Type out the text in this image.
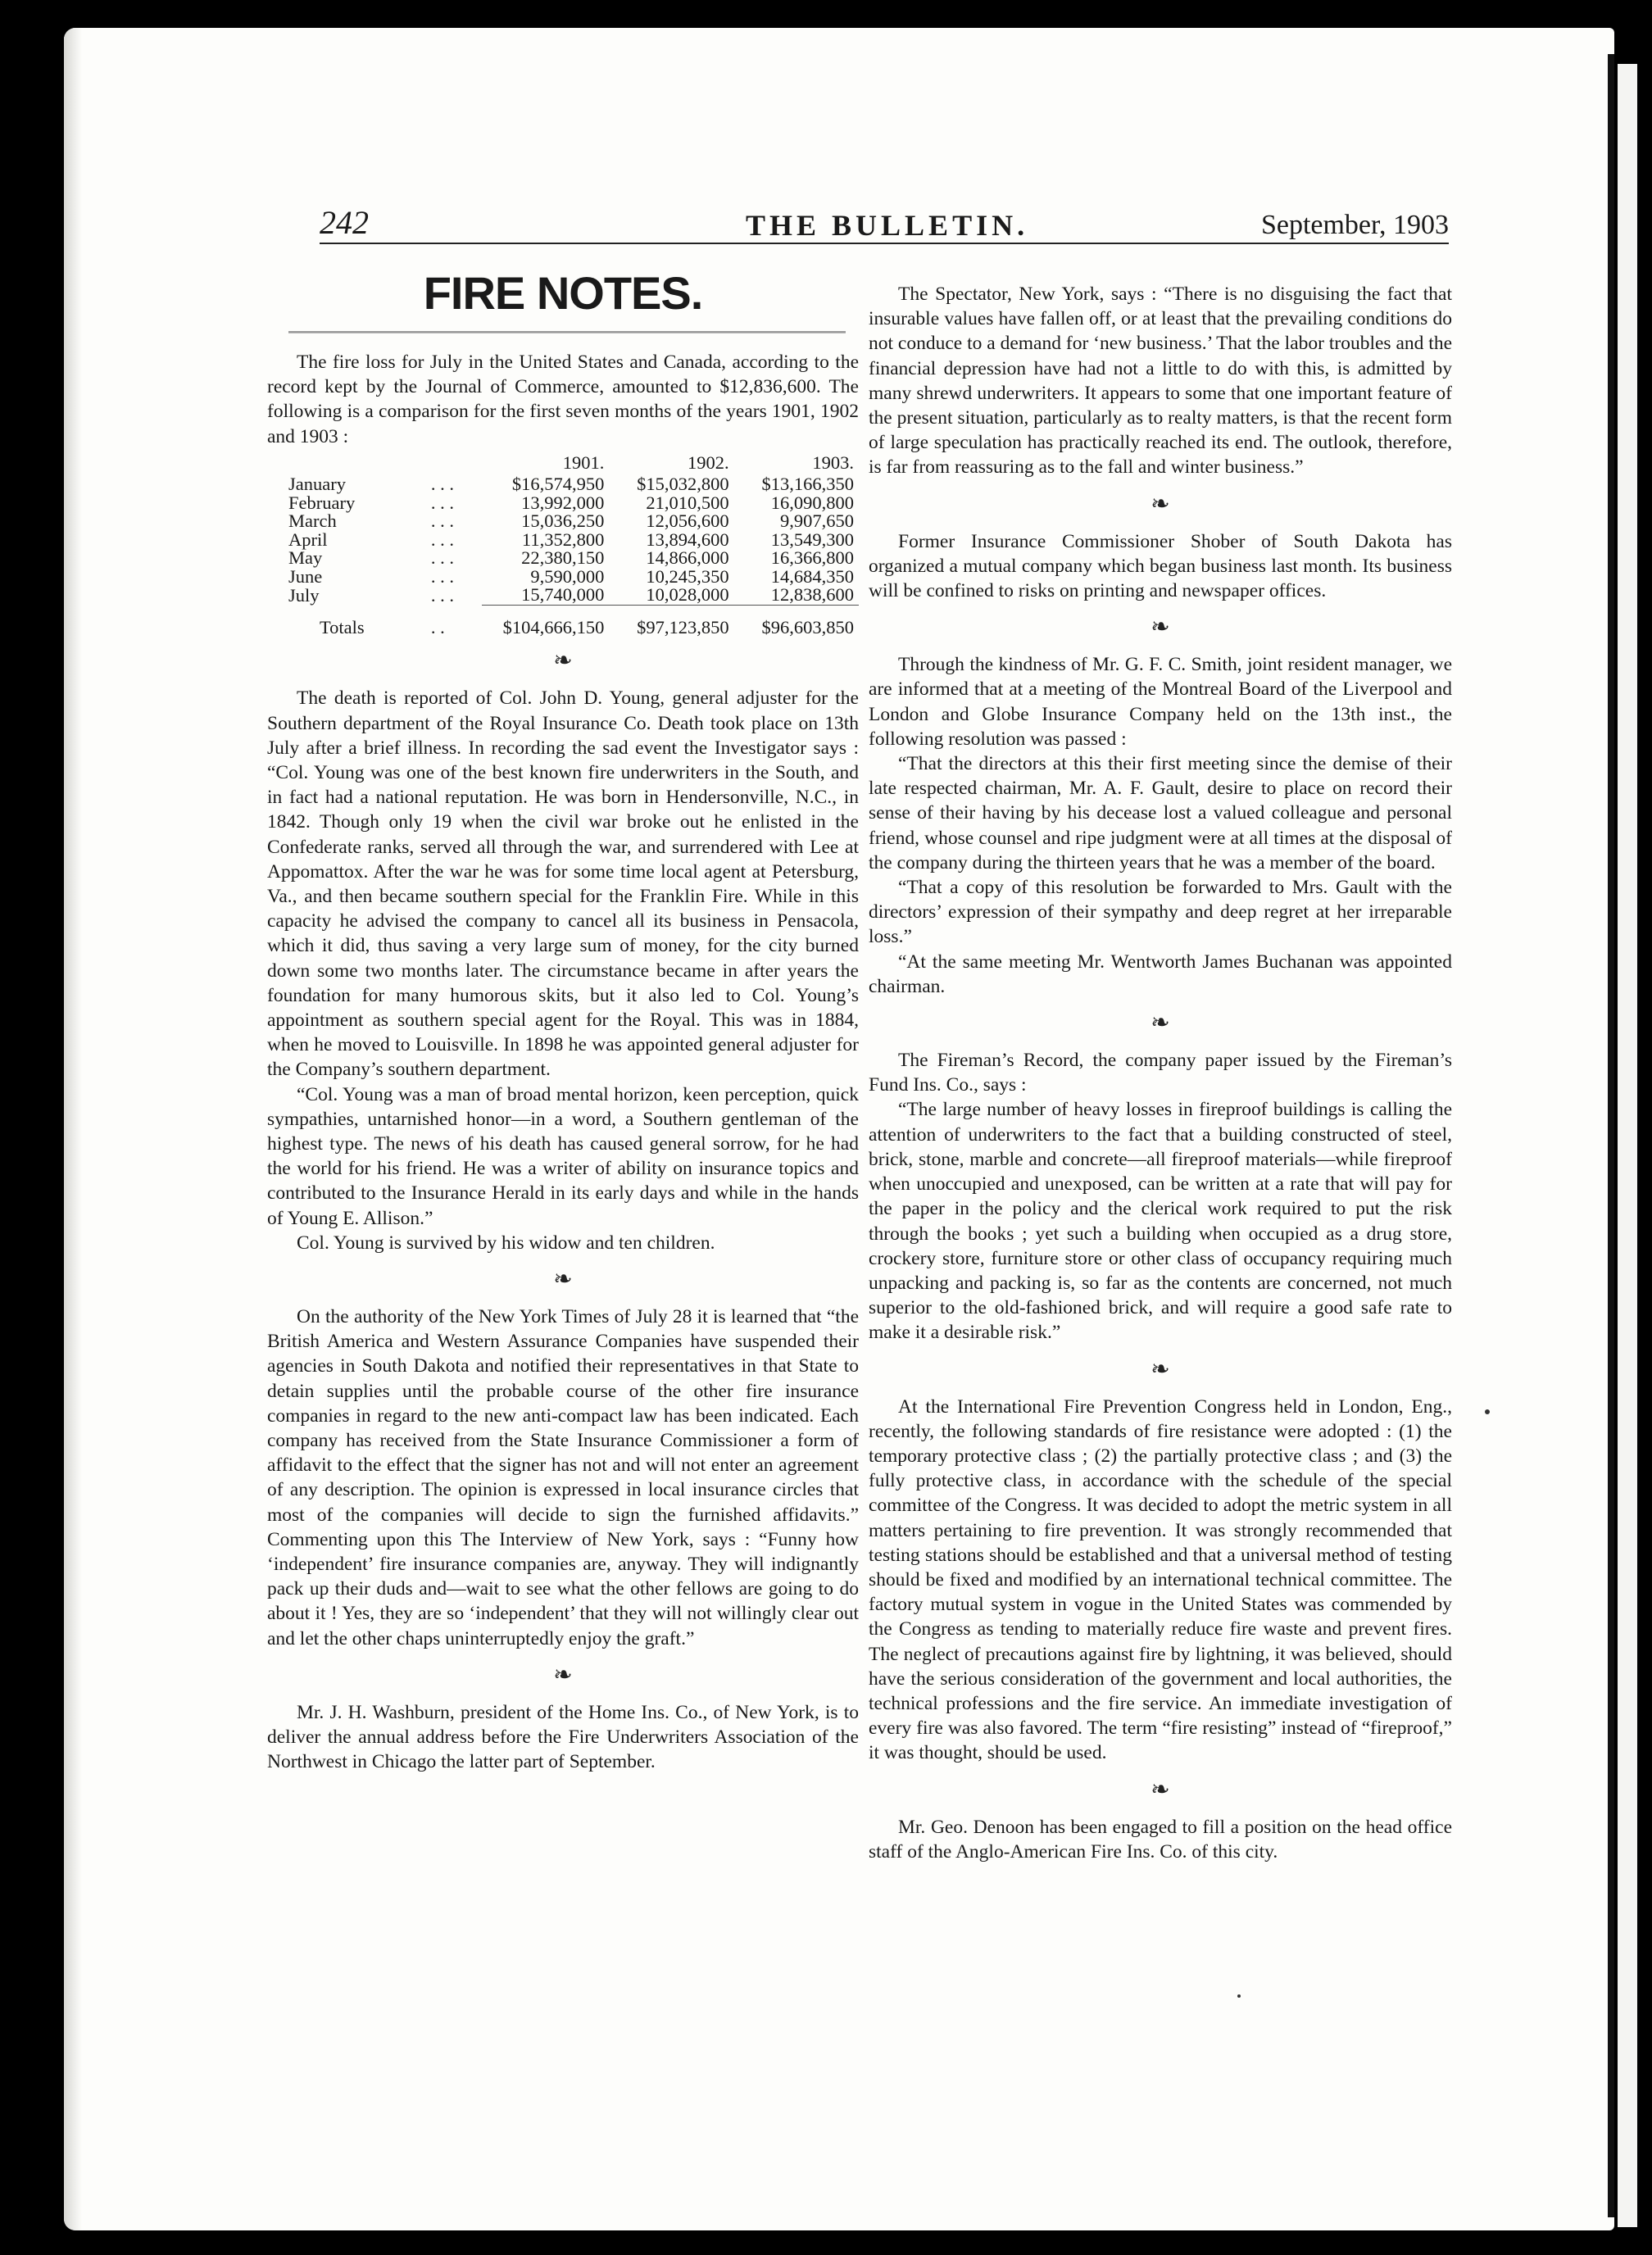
242	THE BULLETIN.	September, 1903
FIRE NOTES.

The fire loss for July in the United States and Canada, according to the record kept by the Journal of Commerce, amounted to $12,836,600. The following is a comparison for the first seven months of the years 1901, 1902 and 1903 :

		1901.	1902.	1903.
January	. . .	$16,574,950	$15,032,800	$13,166,350
February	. . .	13,992,000	21,010,500	16,090,800
March	. . .	15,036,250	12,056,600	9,907,650
April	. . .	11,352,800	13,894,600	13,549,300
May	. . .	22,380,150	14,866,000	16,366,800
June	. . .	9,590,000	10,245,350	14,684,350
July	. . .	15,740,000	10,028,000	12,838,600
Totals	. .	$104,666,150	$97,123,850	$96,603,850
❧

The death is reported of Col. John D. Young, general adjuster for the Southern department of the Royal Insurance Co. Death took place on 13th July after a brief illness. In recording the sad event the Investigator says : “Col. Young was one of the best known fire underwriters in the South, and in fact had a national reputation. He was born in Hendersonville, N.C., in 1842. Though only 19 when the civil war broke out he enlisted in the Confederate ranks, served all through the war, and surrendered with Lee at Appomattox. After the war he was for some time local agent at Petersburg, Va., and then became southern special for the Franklin Fire. While in this capacity he advised the company to cancel all its business in Pensacola, which it did, thus saving a very large sum of money, for the city burned down some two months later. The circumstance became in after years the foundation for many humorous skits, but it also led to Col. Young’s appointment as southern special agent for the Royal. This was in 1884, when he moved to Louisville. In 1898 he was appointed general adjuster for the Company’s southern department.

“Col. Young was a man of broad mental horizon, keen perception, quick sympathies, untarnished honor—in a word, a Southern gentleman of the highest type. The news of his death has caused general sorrow, for he had the world for his friend. He was a writer of ability on insurance topics and contributed to the Insurance Herald in its early days and while in the hands of Young E. Allison.”

Col. Young is survived by his widow and ten children.

❧

On the authority of the New York Times of July 28 it is learned that “the British America and Western Assurance Companies have suspended their agencies in South Dakota and notified their representatives in that State to detain supplies until the probable course of the other fire insurance companies in regard to the new anti-compact law has been indicated. Each company has received from the State Insurance Commissioner a form of affidavit to the effect that the signer has not and will not enter an agreement of any description. The opinion is expressed in local insurance circles that most of the companies will decide to sign the furnished affidavits.” Commenting upon this The Interview of New York, says : “Funny how ‘independent’ fire insurance companies are, anyway. They will indignantly pack up their duds and—wait to see what the other fellows are going to do about it ! Yes, they are so ‘independent’ that they will not willingly clear out and let the other chaps uninterruptedly enjoy the graft.”

❧

Mr. J. H. Washburn, president of the Home Ins. Co., of New York, is to deliver the annual address before the Fire Underwriters Association of the Northwest in Chicago the latter part of September.

The Spectator, New York, says : “There is no disguising the fact that insurable values have fallen off, or at least that the prevailing conditions do not conduce to a demand for ‘new business.’ That the labor troubles and the financial depression have had not a little to do with this, is admitted by many shrewd underwriters. It appears to some that one important feature of the present situation, particularly as to realty matters, is that the recent form of large speculation has practically reached its end. The outlook, therefore, is far from reassuring as to the fall and winter business.”

❧

Former Insurance Commissioner Shober of South Dakota has organized a mutual company which began business last month. Its business will be confined to risks on printing and newspaper offices.

❧

Through the kindness of Mr. G. F. C. Smith, joint resident manager, we are informed that at a meeting of the Montreal Board of the Liverpool and London and Globe Insurance Company held on the 13th inst., the following resolution was passed :

“That the directors at this their first meeting since the demise of their late respected chairman, Mr. A. F. Gault, desire to place on record their sense of their having by his decease lost a valued colleague and personal friend, whose counsel and ripe judgment were at all times at the disposal of the company during the thirteen years that he was a member of the board.

“That a copy of this resolution be forwarded to Mrs. Gault with the directors’ expression of their sympathy and deep regret at her irreparable loss.”

“At the same meeting Mr. Wentworth James Buchanan was appointed chairman.

❧

The Fireman’s Record, the company paper issued by the Fireman’s Fund Ins. Co., says :

“The large number of heavy losses in fireproof buildings is calling the attention of underwriters to the fact that a building constructed of steel, brick, stone, marble and concrete—all fireproof materials—while fireproof when unoccupied and unexposed, can be written at a rate that will pay for the paper in the policy and the clerical work required to put the risk through the books ; yet such a building when occupied as a drug store, crockery store, furniture store or other class of occupancy requiring much unpacking and packing is, so far as the contents are concerned, not much superior to the old-fashioned brick, and will require a good safe rate to make it a desirable risk.”

❧

At the International Fire Prevention Congress held in London, Eng., recently, the following standards of fire resistance were adopted : (1) the temporary protective class ; (2) the partially protective class ; and (3) the fully protective class, in accordance with the schedule of the special committee of the Congress. It was decided to adopt the metric system in all matters pertaining to fire prevention. It was strongly recommended that testing stations should be established and that a universal method of testing should be fixed and modified by an international technical committee. The factory mutual system in vogue in the United States was commended by the Congress as tending to materially reduce fire waste and prevent fires. The neglect of precautions against fire by lightning, it was believed, should have the serious consideration of the government and local authorities, the technical professions and the fire service. An immediate investigation of every fire was also favored. The term “fire resisting” instead of “fireproof,” it was thought, should be used.

❧

Mr. Geo. Denoon has been engaged to fill a position on the head office staff of the Anglo-American Fire Ins. Co. of this city.
